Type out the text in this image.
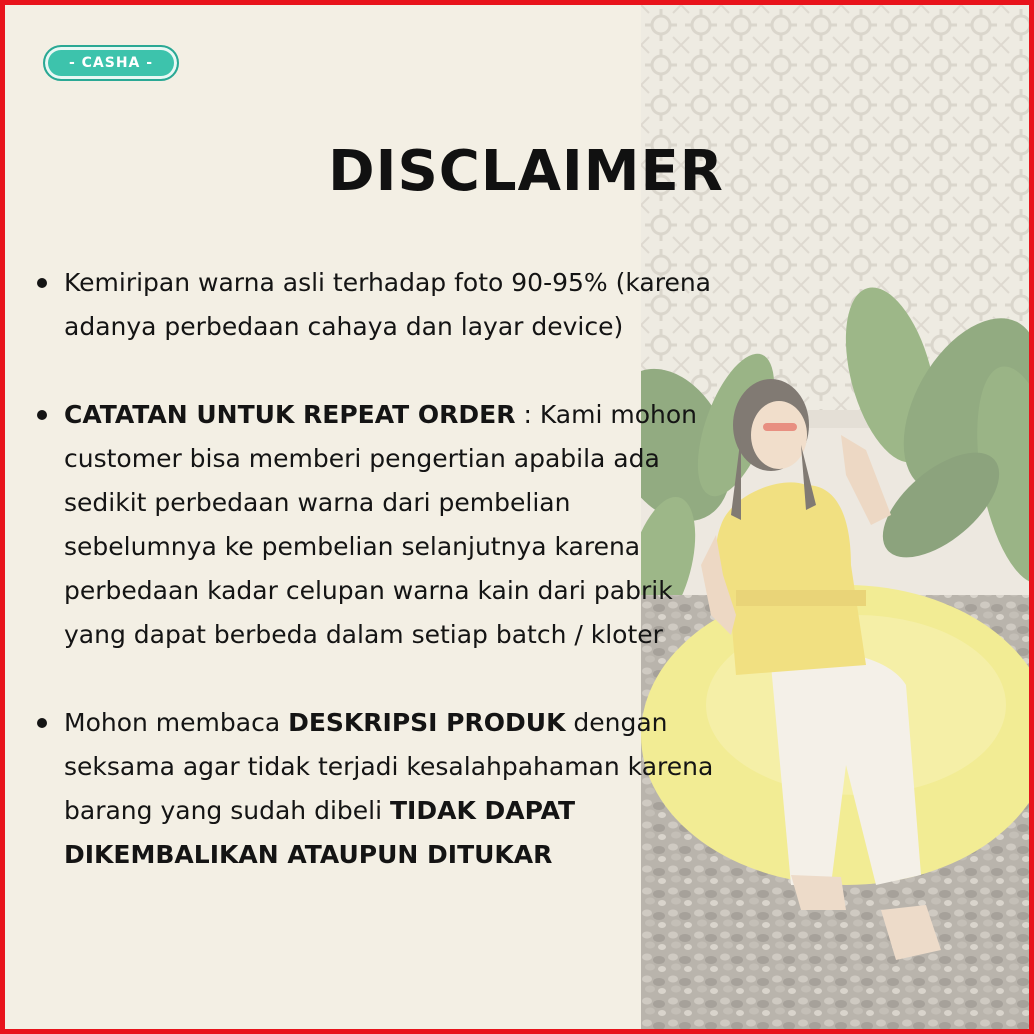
- CASHA -
DISCLAIMER
Kemiripan warna asli terhadap foto 90-95% (karena adanya perbedaan cahaya dan layar device)
CATATAN UNTUK REPEAT ORDER : Kami mohon customer bisa memberi pengertian apabila ada sedikit perbedaan warna dari pembelian sebelumnya ke pembelian selanjutnya karena perbedaan kadar celupan warna kain dari pabrik yang dapat berbeda dalam setiap batch / kloter
Mohon membaca DESKRIPSI PRODUK dengan seksama agar tidak terjadi kesalahpahaman karena barang yang sudah dibeli TIDAK DAPAT DIKEMBALIKAN ATAUPUN DITUKAR
